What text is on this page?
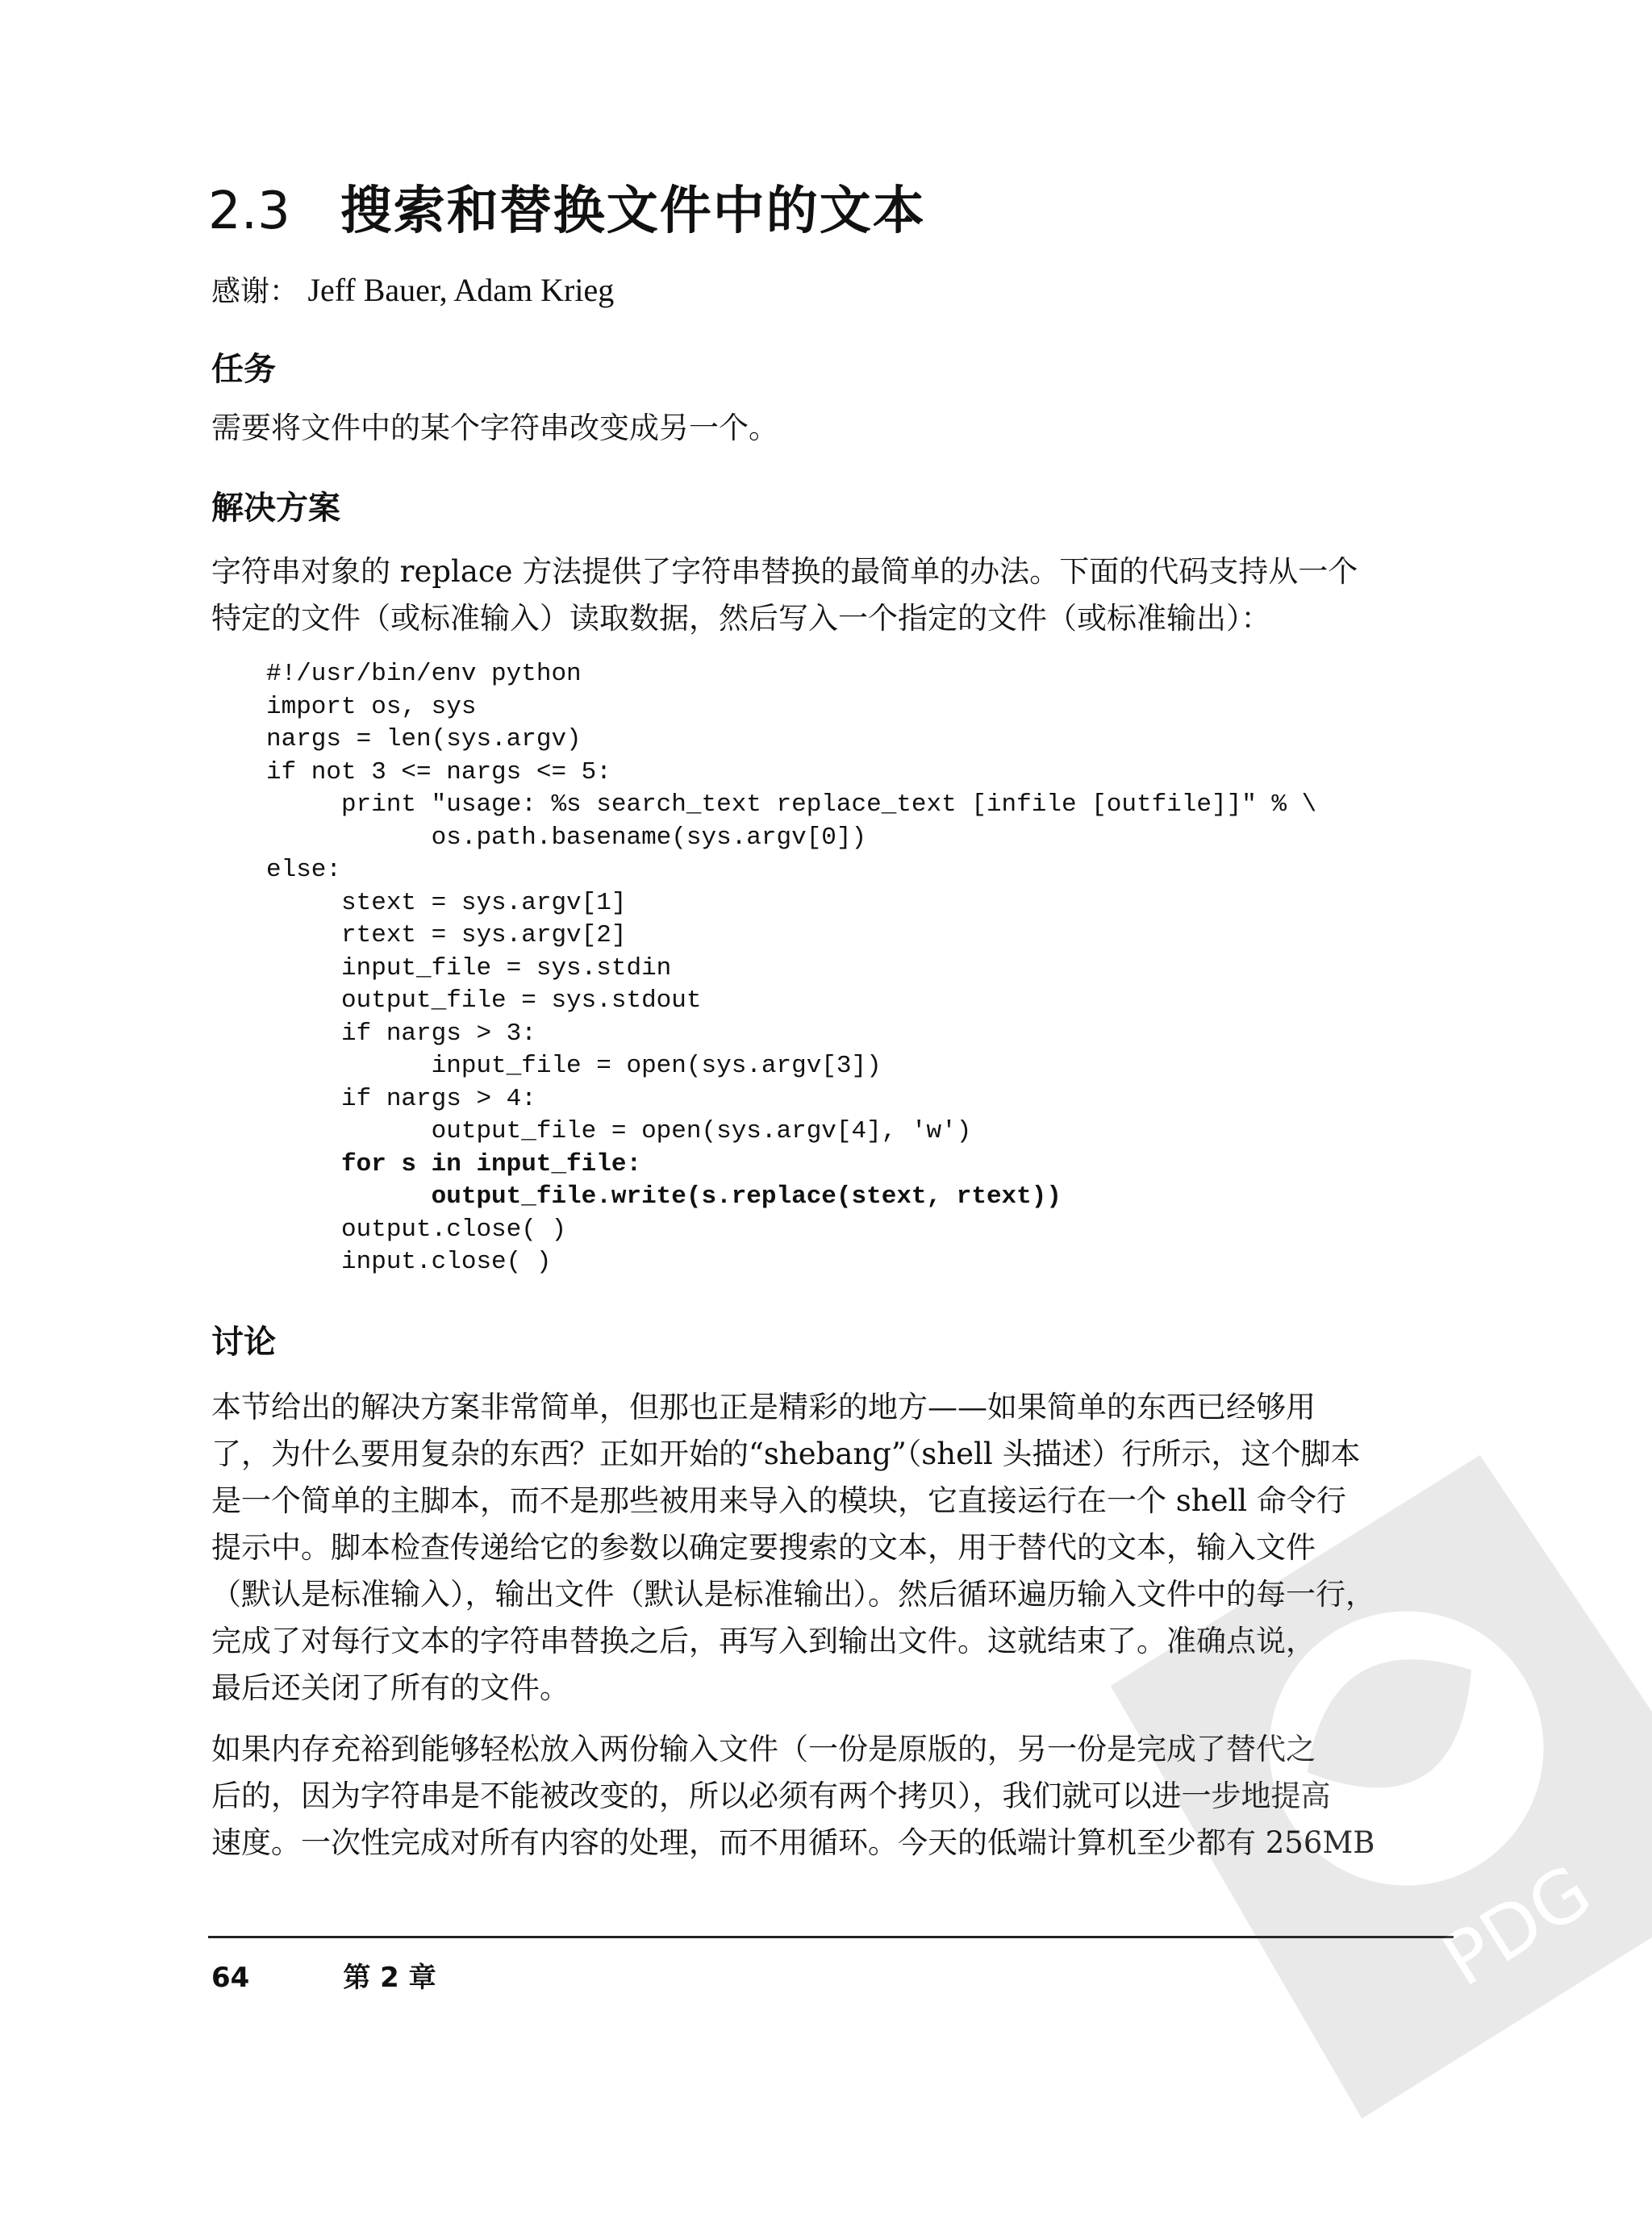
2.3 搜索和替换文件中的文本
感谢： Jeff Bauer, Adam Krieg
任务
需要将文件中的某个字符串改变成另一个。
解决方案
字符串对象的 replace 方法提供了字符串替换的最简单的办法。下面的代码支持从一个
特定的文件（或标准输入）读取数据，然后写入一个指定的文件（或标准输出）：
#!/usr/bin/env python
import os, sys
nargs = len(sys.argv)
if not 3 <= nargs <= 5:
print "usage: %s search_text replace_text [infile [outfile]]" % \
os.path.basename(sys.argv[0])
else:
stext = sys.argv[1]
rtext = sys.argv[2]
input_file = sys.stdin
output_file = sys.stdout
if nargs > 3:
input_file = open(sys.argv[3])
if nargs > 4:
output_file = open(sys.argv[4], 'w')
for s in input_file:
output_file.write(s.replace(stext, rtext))
output.close( )
input.close( )
讨论
本节给出的解决方案非常简单，但那也正是精彩的地方——如果简单的东西已经够用
了，为什么要用复杂的东西？正如开始的“shebang”（shell 头描述）行所示，这个脚本
是一个简单的主脚本，而不是那些被用来导入的模块，它直接运行在一个 shell 命令行
提示中。脚本检查传递给它的参数以确定要搜索的文本，用于替代的文本，输入文件
（默认是标准输入），输出文件（默认是标准输出）。然后循环遍历输入文件中的每一行，
完成了对每行文本的字符串替换之后，再写入到输出文件。这就结束了。准确点说，
最后还关闭了所有的文件。
如果内存充裕到能够轻松放入两份输入文件（一份是原版的，另一份是完成了替代之
后的，因为字符串是不能被改变的，所以必须有两个拷贝），我们就可以进一步地提高
速度。一次性完成对所有内容的处理，而不用循环。今天的低端计算机至少都有 256MB
64	第 2 章	PDG
